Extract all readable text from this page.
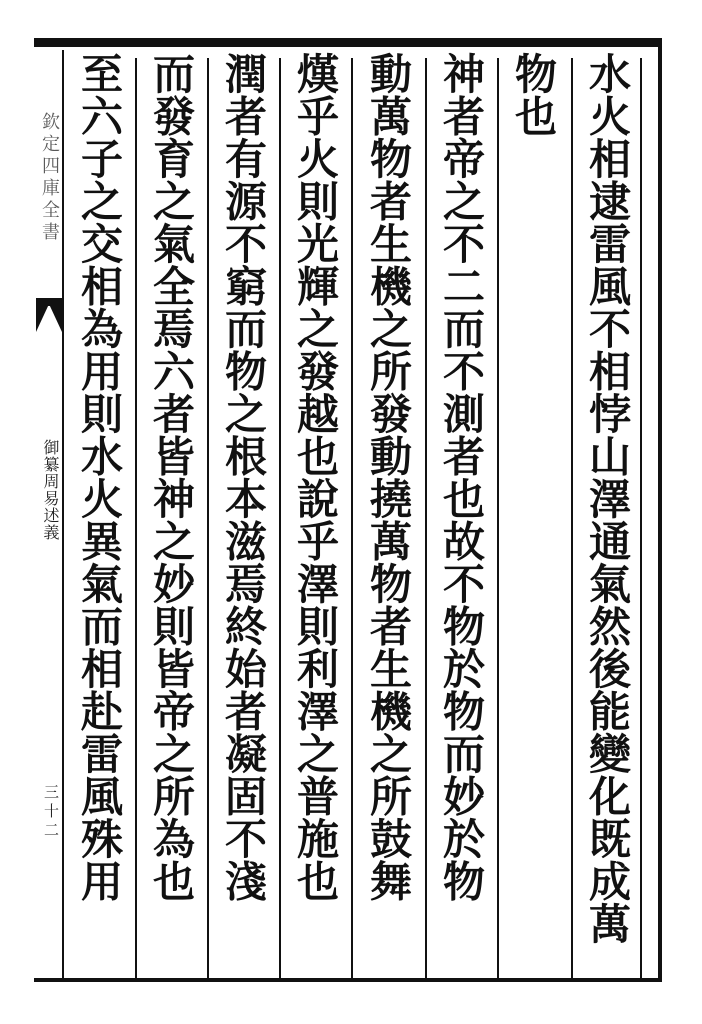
欽定四庫全書
御纂周易述義
三十二	水火相逮雷風不相悖山澤通氣然後能變化既成萬
物也
神者帝之不二而不測者也故不物於物而妙於物
動萬物者生機之所發動撓萬物者生機之所鼓舞
熯乎火則光輝之發越也說乎澤則利澤之普施也
潤者有源不窮而物之根本滋焉終始者凝固不淺
而發育之氣全焉六者皆神之妙則皆帝之所為也
至六子之交相為用則水火異氣而相赴雷風殊用
